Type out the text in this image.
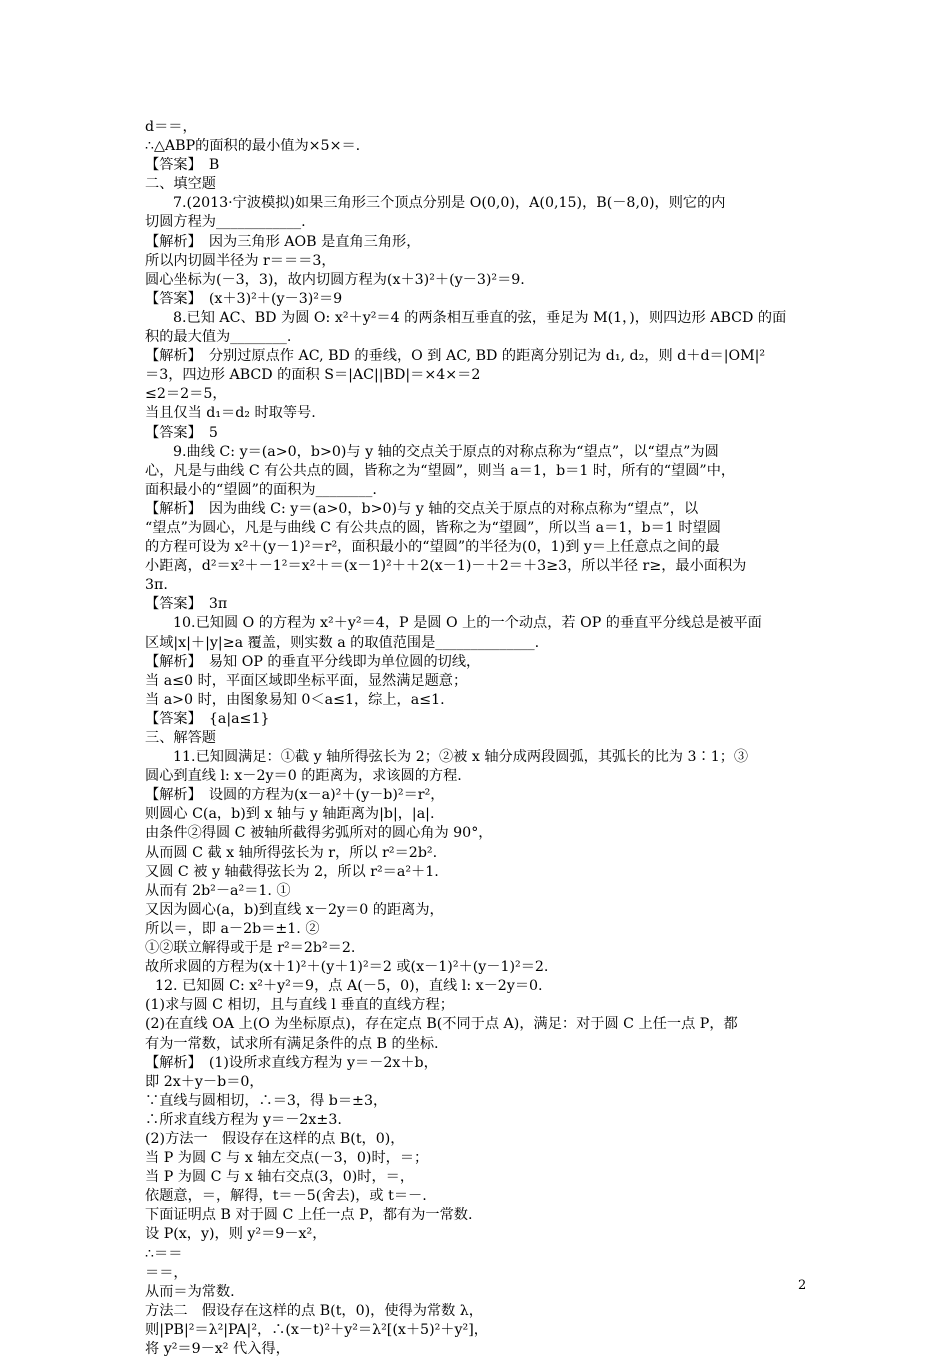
d＝＝，
∴△ABP的面积的最小值为×5×＝.
【答案】　B
二、填空题
7.(2013·宁波模拟)如果三角形三个顶点分别是 O(0,0)，A(0,15)，B(－8,0)，则它的内
切圆方程为____________.
【解析】　因为三角形 AOB 是直角三角形，
所以内切圆半径为 r＝＝＝3，
圆心坐标为(－3，3)，故内切圆方程为(x＋3)²＋(y－3)²＝9.
【答案】　(x＋3)²＋(y－3)²＝9
8.已知 AC、BD 为圆 O: x²＋y²＝4 的两条相互垂直的弦，垂足为 M(1，)，则四边形 ABCD 的面
积的最大值为________.
【解析】　分别过原点作 AC, BD 的垂线，O 到 AC, BD 的距离分别记为 d₁, d₂，则 d＋d＝|OM|²
＝3，四边形 ABCD 的面积 S＝|AC||BD|＝×4×＝2
≤2＝2＝5，
当且仅当 d₁＝d₂ 时取等号.
【答案】　5
9.曲线 C: y＝(a>0，b>0)与 y 轴的交点关于原点的对称点称为“望点”，以“望点”为圆
心，凡是与曲线 C 有公共点的圆，皆称之为“望圆”，则当 a＝1，b＝1 时，所有的“望圆”中，
面积最小的“望圆”的面积为________.
【解析】　因为曲线 C: y＝(a>0，b>0)与 y 轴的交点关于原点的对称点称为“望点”，以
“望点”为圆心，凡是与曲线 C 有公共点的圆，皆称之为“望圆”，所以当 a＝1，b＝1 时望圆
的方程可设为 x²＋(y－1)²＝r²，面积最小的“望圆”的半径为(0，1)到 y＝上任意点之间的最
小距离，d²＝x²＋－1²＝x²＋＝(x－1)²＋＋2(x－1)－＋2＝＋3≥3，所以半径 r≥，最小面积为
3π.
【答案】　3π
10.已知圆 O 的方程为 x²＋y²＝4，P 是圆 O 上的一个动点，若 OP 的垂直平分线总是被平面
区域|x|＋|y|≥a 覆盖，则实数 a 的取值范围是______________.
【解析】　易知 OP 的垂直平分线即为单位圆的切线，
当 a≤0 时，平面区域即坐标平面，显然满足题意；
当 a>0 时，由图象易知 0＜a≤1，综上，a≤1.
【答案】　{a|a≤1}
三、解答题
11.已知圆满足：①截 y 轴所得弦长为 2；②被 x 轴分成两段圆弧，其弧长的比为 3∶1；③
圆心到直线 l: x－2y＝0 的距离为，求该圆的方程.
【解析】　设圆的方程为(x－a)²＋(y－b)²＝r²，
则圆心 C(a，b)到 x 轴与 y 轴距离为|b|，|a|.
由条件②得圆 C 被轴所截得劣弧所对的圆心角为 90°，
从而圆 C 截 x 轴所得弦长为 r，所以 r²＝2b².
又圆 C 被 y 轴截得弦长为 2，所以 r²＝a²＋1.
从而有 2b²－a²＝1. ①
又因为圆心(a，b)到直线 x－2y＝0 的距离为，
所以＝，即 a－2b＝±1. ②
①②联立解得或于是 r²＝2b²＝2.
故所求圆的方程为(x＋1)²＋(y＋1)²＝2 或(x－1)²＋(y－1)²＝2.
12. 已知圆 C: x²＋y²＝9，点 A(－5，0)，直线 l: x－2y＝0.
(1)求与圆 C 相切，且与直线 l 垂直的直线方程；
(2)在直线 OA 上(O 为坐标原点)，存在定点 B(不同于点 A)，满足：对于圆 C 上任一点 P，都
有为一常数，试求所有满足条件的点 B 的坐标.
【解析】　(1)设所求直线方程为 y＝－2x＋b，
即 2x＋y－b＝0，
∵直线与圆相切，∴＝3，得 b＝±3，
∴所求直线方程为 y＝－2x±3.
(2)方法一　假设存在这样的点 B(t，0)，
当 P 为圆 C 与 x 轴左交点(－3，0)时，＝；
当 P 为圆 C 与 x 轴右交点(3，0)时，＝，
依题意，＝，解得，t＝－5(舍去)，或 t＝－.
下面证明点 B 对于圆 C 上任一点 P，都有为一常数.
设 P(x，y)，则 y²＝9－x²，
∴＝＝
＝＝，
从而＝为常数.
方法二　假设存在这样的点 B(t，0)，使得为常数 λ，
则|PB|²＝λ²|PA|²，∴(x－t)²＋y²＝λ²[(x＋5)²＋y²]，
将 y²＝9－x² 代入得，
2
